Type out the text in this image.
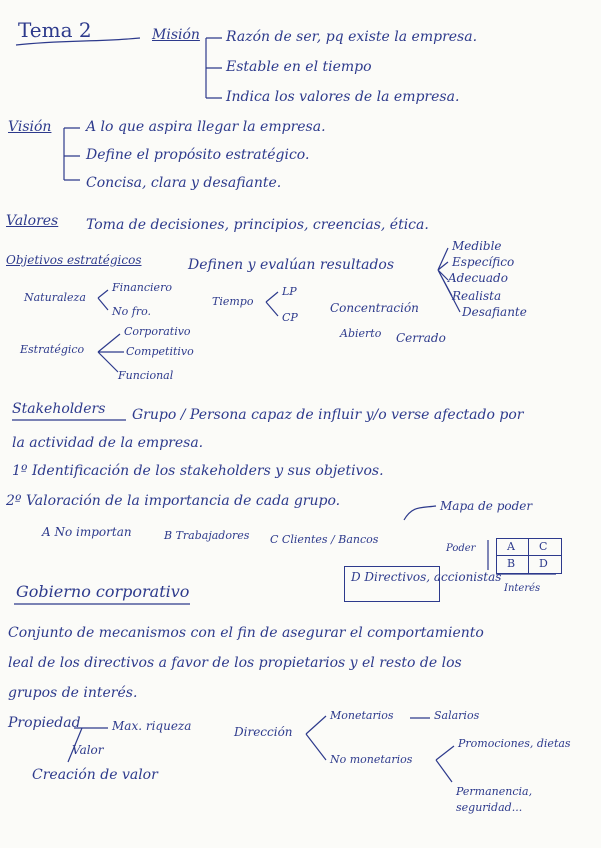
Tema 2	Misión Razón de ser, pq existe la empresa.
Estable en el tiempo
Indica los valores de la empresa.
Visión A lo que aspira llegar la empresa.
Define el propósito estratégico.
Concisa, clara y desafiante.
Valores Toma de decisiones, principios, creencias, ética.
Objetivos estratégicos	Definen y evalúan resultados
Medible
Específico
Adecuado
Realista
Desafiante
Naturaleza
Financiero
No fro.
Tiempo
LP
CP
Concentración
Abierto Cerrado
Estratégico
Corporativo
Competitivo
Funcional
Stakeholders Grupo / Persona capaz de influir y/o verse afectado por
la actividad de la empresa.
1º Identificación de los stakeholders y sus objetivos.
2º Valoración de la importancia de cada grupo.	Mapa de poder
A No importan	B Trabajadores C Clientes / Bancos
D Directivos, accionistas
Poder
Interés
A C
B D
Gobierno corporativo
Conjunto de mecanismos con el fin de asegurar el comportamiento
leal de los directivos a favor de los propietarios y el resto de los
grupos de interés.
Propiedad	Max. riqueza
Valor
Creación de valor
Dirección
Monetarios	Salarios
No monetarios
Promociones, dietas
Permanencia,
seguridad...
